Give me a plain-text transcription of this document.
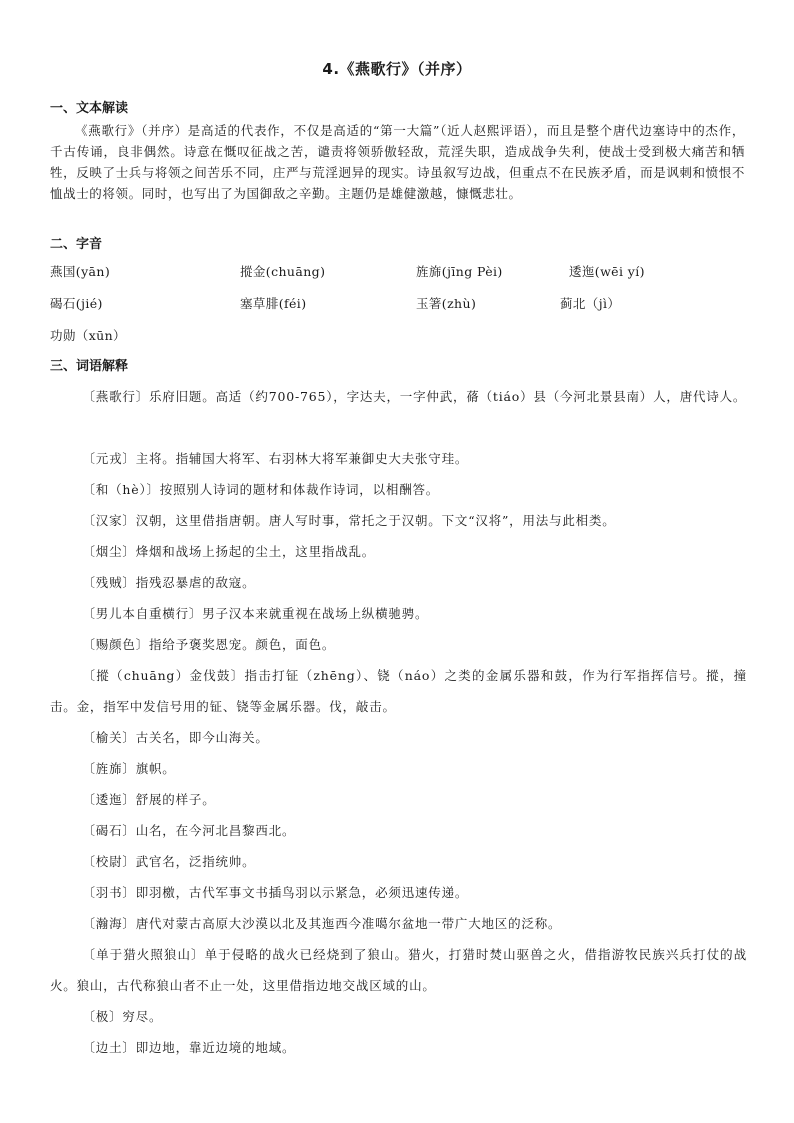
4.《燕歌行》（并序）
一、文本解读
《燕歌行》（并序）是高适的代表作，不仅是高适的“第一大篇”（近人赵熙评语），而且是整个唐代边塞诗中的杰作，千古传诵，良非偶然。诗意在慨叹征战之苦，谴责将领骄傲轻敌，荒淫失职，造成战争失利，使战士受到极大痛苦和牺牲，反映了士兵与将领之间苦乐不同，庄严与荒淫迥异的现实。诗虽叙写边战，但重点不在民族矛盾，而是讽刺和愤恨不恤战士的将领。同时，也写出了为国御敌之辛勤。主题仍是雄健激越，慷慨悲壮。
二、字音
燕国(yān)	摐金(chuāng)	旌旆(jīng Pèi)	逶迤(wēi yí)
碣石(jié)	塞草腓(féi)	玉箸(zhù)	蓟北（jì）
功勋（xūn）
三、词语解释
〔燕歌行〕乐府旧题。高适（约700-765），字达夫，一字仲武，蓨（tiáo）县（今河北景县南）人，唐代诗人。
〔元戎〕主将。指辅国大将军、右羽林大将军兼御史大夫张守珪。
〔和（hè）〕按照别人诗词的题材和体裁作诗词，以相酬答。
〔汉家〕汉朝，这里借指唐朝。唐人写时事，常托之于汉朝。下文“汉将”，用法与此相类。
〔烟尘〕烽烟和战场上扬起的尘土，这里指战乱。
〔残贼〕指残忍暴虐的敌寇。
〔男儿本自重横行〕男子汉本来就重视在战场上纵横驰骋。
〔赐颜色〕指给予褒奖恩宠。颜色，面色。
〔摐（chuāng）金伐鼓〕指击打钲（zhēng）、铙（náo）之类的金属乐器和鼓，作为行军指挥信号。摐，撞击。金，指军中发信号用的钲、铙等金属乐器。伐，敲击。
〔榆关〕古关名，即今山海关。
〔旌旆〕旗帜。
〔逶迤〕舒展的样子。
〔碣石〕山名，在今河北昌黎西北。
〔校尉〕武官名，泛指统帅。
〔羽书〕即羽檄，古代军事文书插鸟羽以示紧急，必须迅速传递。
〔瀚海〕唐代对蒙古高原大沙漠以北及其迤西今准噶尔盆地一带广大地区的泛称。
〔单于猎火照狼山〕单于侵略的战火已经烧到了狼山。猎火，打猎时焚山驱兽之火，借指游牧民族兴兵打仗的战火。狼山，古代称狼山者不止一处，这里借指边地交战区域的山。
〔极〕穷尽。
〔边土〕即边地，靠近边境的地域。
